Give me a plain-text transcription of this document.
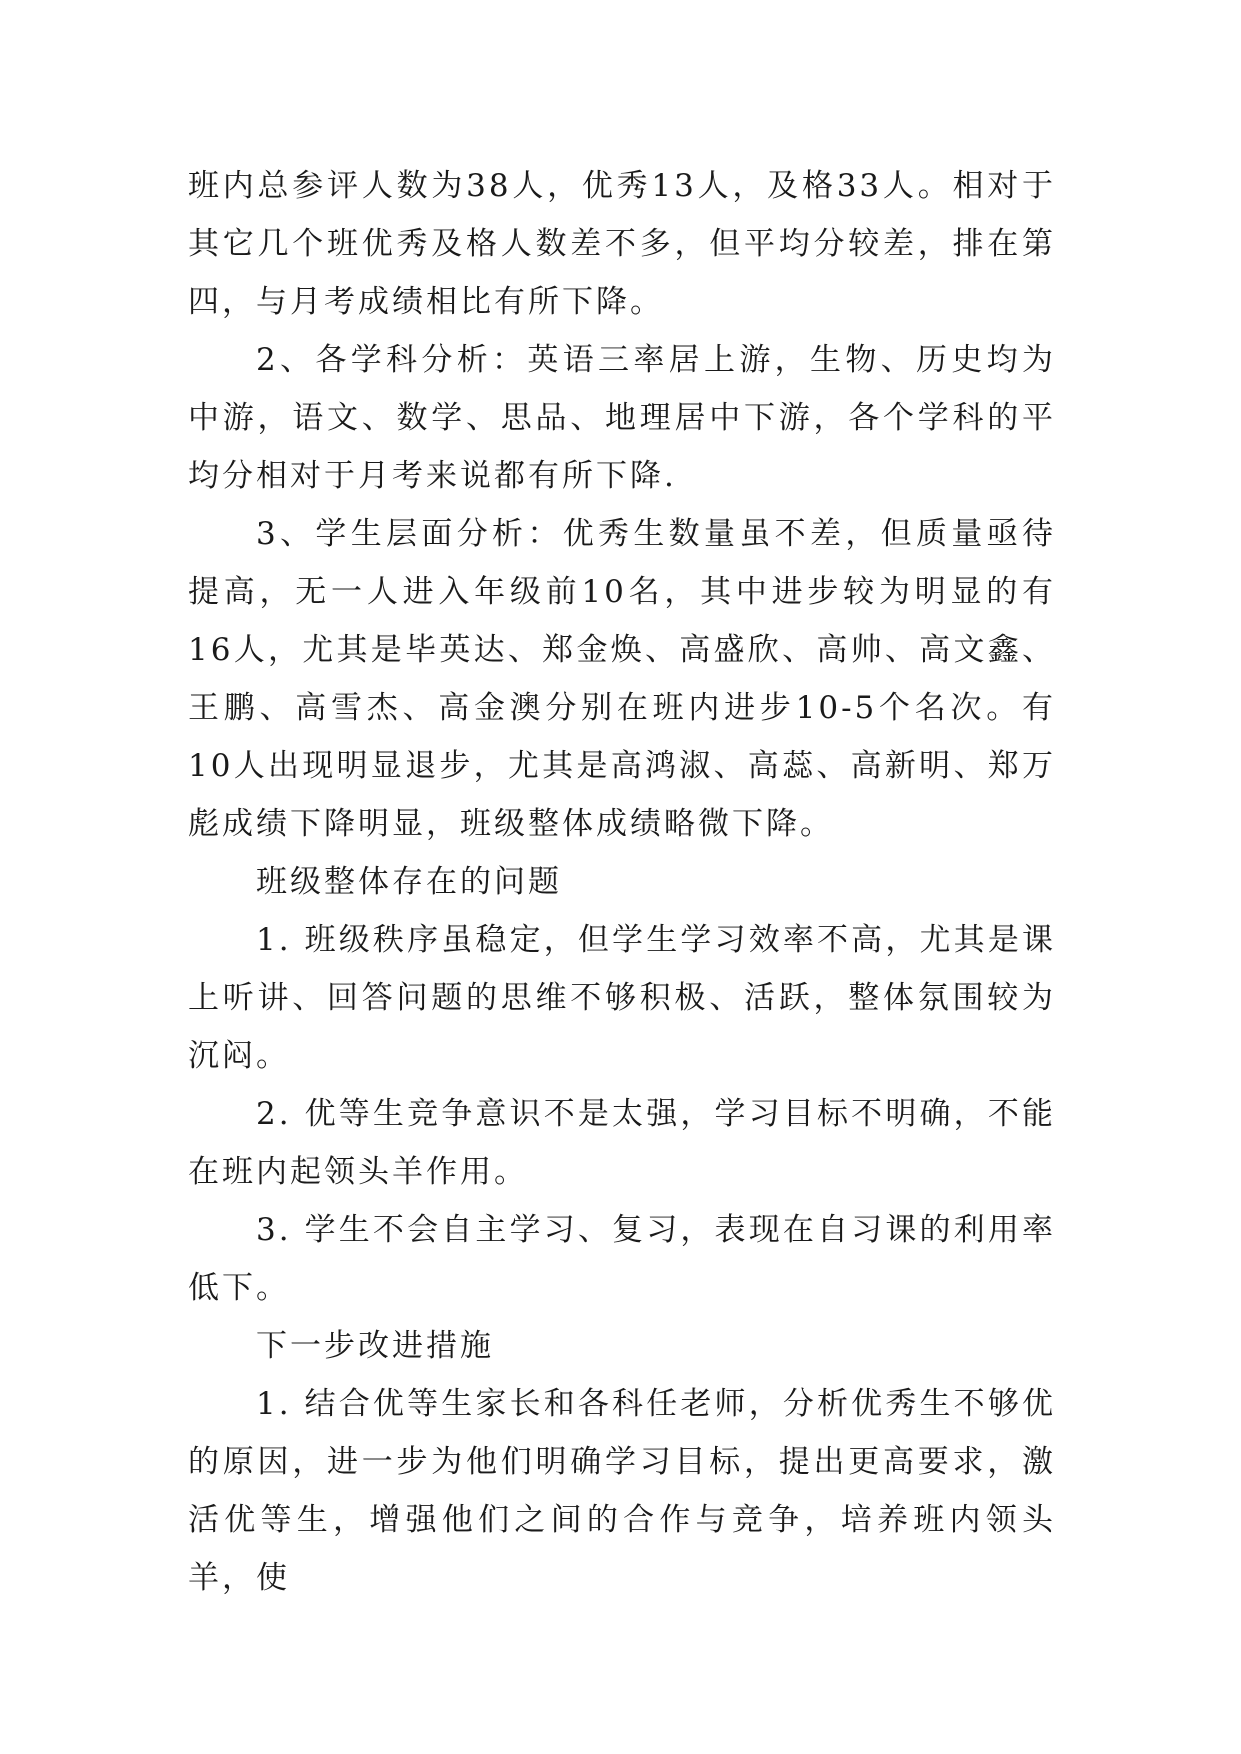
班内总参评人数为38人，优秀13人，及格33人。相对于其它几个班优秀及格人数差不多，但平均分较差，排在第四，与月考成绩相比有所下降。

2、各学科分析：英语三率居上游，生物、历史均为中游，语文、数学、思品、地理居中下游，各个学科的平均分相对于月考来说都有所下降.

3、学生层面分析：优秀生数量虽不差，但质量亟待提高，无一人进入年级前10名，其中进步较为明显的有16人，尤其是毕英达、郑金焕、高盛欣、高帅、高文鑫、王鹏、高雪杰、高金澳分别在班内进步10-5个名次。有10人出现明显退步，尤其是高鸿淑、高蕊、高新明、郑万彪成绩下降明显，班级整体成绩略微下降。

班级整体存在的问题

1. 班级秩序虽稳定，但学生学习效率不高，尤其是课上听讲、回答问题的思维不够积极、活跃，整体氛围较为沉闷。

2. 优等生竞争意识不是太强，学习目标不明确，不能在班内起领头羊作用。

3. 学生不会自主学习、复习，表现在自习课的利用率低下。

下一步改进措施

1. 结合优等生家长和各科任老师，分析优秀生不够优的原因，进一步为他们明确学习目标，提出更高要求，激活优等生，增强他们之间的合作与竞争，培养班内领头羊，使
